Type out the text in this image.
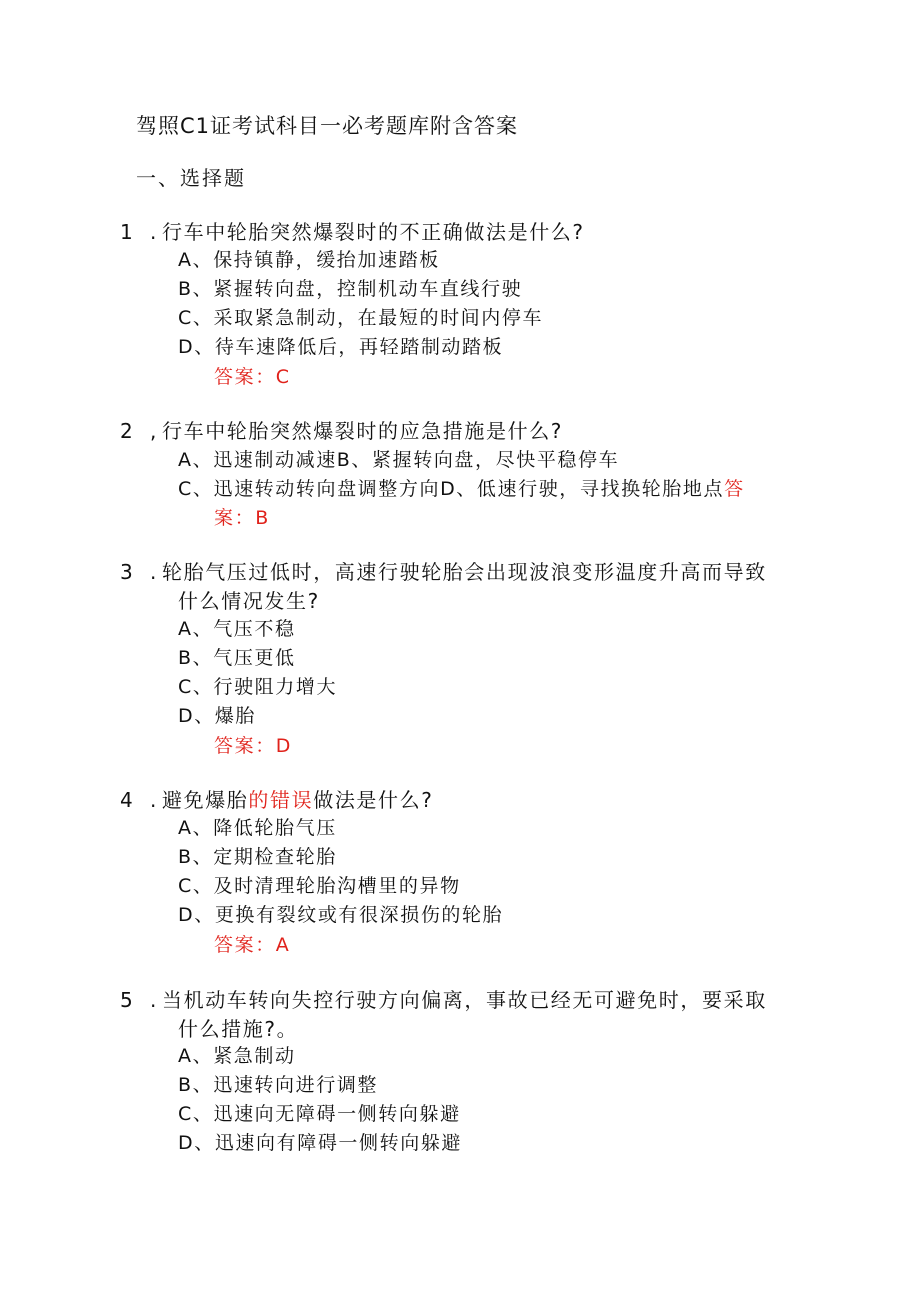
驾照C1证考试科目一必考题库附含答案
一、选择题
1 . 行车中轮胎突然爆裂时的不正确做法是什么?
A、保持镇静，缓抬加速踏板
B、紧握转向盘，控制机动车直线行驶
C、采取紧急制动，在最短的时间内停车
D、待车速降低后，再轻踏制动踏板
答案：C
2 , 行车中轮胎突然爆裂时的应急措施是什么?
A、迅速制动减速B、紧握转向盘，尽快平稳停车
C、迅速转动转向盘调整方向D、低速行驶，寻找换轮胎地点答
案：B
3 . 轮胎气压过低时，高速行驶轮胎会出现波浪变形温度升高而导致
什么情况发生?
A、气压不稳
B、气压更低
C、行驶阻力增大
D、爆胎
答案：D
4 . 避免爆胎的错误做法是什么?
A、降低轮胎气压
B、定期检查轮胎
C、及时清理轮胎沟槽里的异物
D、更换有裂纹或有很深损伤的轮胎
答案：A
5 . 当机动车转向失控行驶方向偏离，事故已经无可避免时，要采取
什么措施?。
A、紧急制动
B、迅速转向进行调整
C、迅速向无障碍一侧转向躲避
D、迅速向有障碍一侧转向躲避
